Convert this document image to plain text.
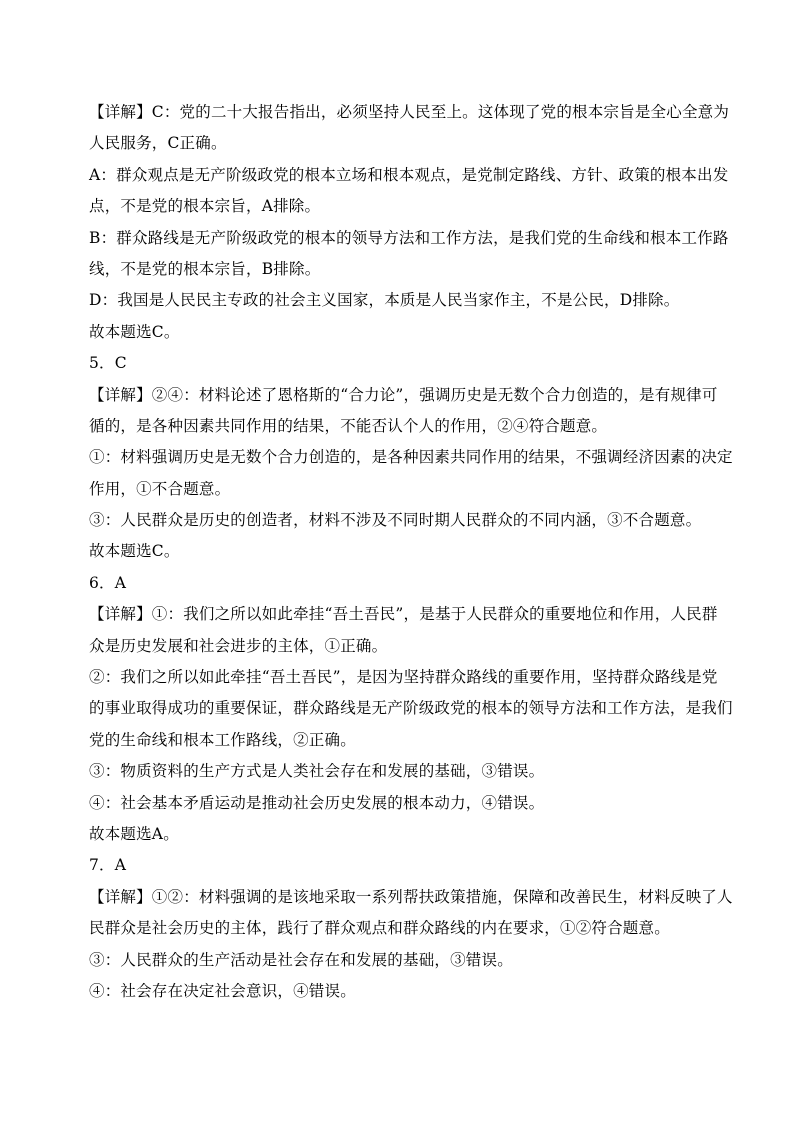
【详解】C：党的二十大报告指出，必须坚持人民至上。这体现了党的根本宗旨是全心全意为
人民服务，C正确。
A：群众观点是无产阶级政党的根本立场和根本观点，是党制定路线、方针、政策的根本出发
点，不是党的根本宗旨，A排除。
B：群众路线是无产阶级政党的根本的领导方法和工作方法，是我们党的生命线和根本工作路
线，不是党的根本宗旨，B排除。
D：我国是人民民主专政的社会主义国家，本质是人民当家作主，不是公民，D排除。
故本题选C。
5．C
【详解】②④：材料论述了恩格斯的“合力论”，强调历史是无数个合力创造的，是有规律可
循的，是各种因素共同作用的结果，不能否认个人的作用，②④符合题意。
①：材料强调历史是无数个合力创造的，是各种因素共同作用的结果，不强调经济因素的决定
作用，①不合题意。
③：人民群众是历史的创造者，材料不涉及不同时期人民群众的不同内涵，③不合题意。
故本题选C。
6．A
【详解】①：我们之所以如此牵挂“吾土吾民”，是基于人民群众的重要地位和作用，人民群
众是历史发展和社会进步的主体，①正确。
②：我们之所以如此牵挂“吾土吾民”，是因为坚持群众路线的重要作用，坚持群众路线是党
的事业取得成功的重要保证，群众路线是无产阶级政党的根本的领导方法和工作方法，是我们
党的生命线和根本工作路线，②正确。
③：物质资料的生产方式是人类社会存在和发展的基础，③错误。
④：社会基本矛盾运动是推动社会历史发展的根本动力，④错误。
故本题选A。
7．A
【详解】①②：材料强调的是该地采取一系列帮扶政策措施，保障和改善民生，材料反映了人
民群众是社会历史的主体，践行了群众观点和群众路线的内在要求，①②符合题意。
③：人民群众的生产活动是社会存在和发展的基础，③错误。
④：社会存在决定社会意识，④错误。
